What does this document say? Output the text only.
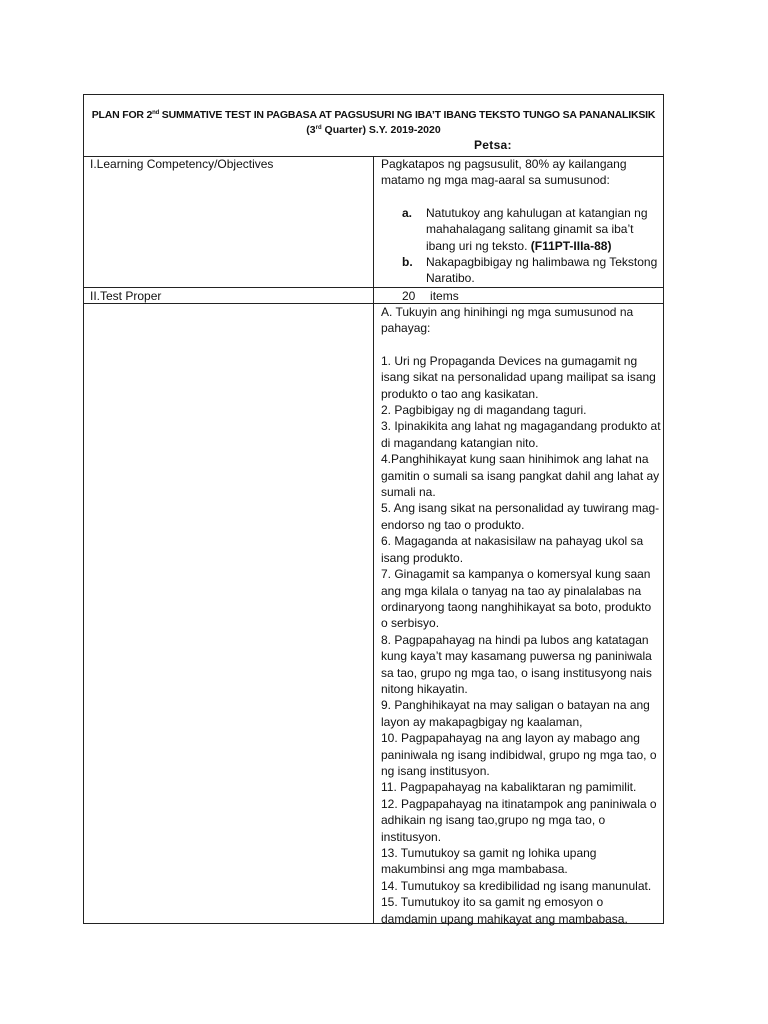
PLAN FOR 2nd SUMMATIVE TEST IN PAGBASA AT PAGSUSURI NG IBA’T IBANG TEKSTO TUNGO SA PANANALIKSIK
(3rd Quarter) S.Y. 2019-2020
Petsa:
I.Learning Competency/Objectives	Pagkatapos ng pagsusulit, 80% ay kailangang matamo ng mga mag-aaral sa sumusunod:
a. Natutukoy ang kahulugan at katangian ng mahahalagang salitang ginamit sa iba’t ibang uri ng teksto. (F11PT-IIIa-88)
b. Nakapagbibigay ng halimbawa ng Tekstong Naratibo.
II.Test Proper	20 items
A. Tukuyin ang hinihingi ng mga sumusunod na pahayag:
1. Uri ng Propaganda Devices na gumagamit ng isang sikat na personalidad upang mailipat sa isang produkto o tao ang kasikatan.
2. Pagbibigay ng di magandang taguri.
3. Ipinakikita ang lahat ng magagandang produkto at di magandang katangian nito.
4.Panghihikayat kung saan hinihimok ang lahat na gamitin o sumali sa isang pangkat dahil ang lahat ay sumali na.
5. Ang isang sikat na personalidad ay tuwirang mag-endorso ng tao o produkto.
6. Magaganda at nakasisilaw na pahayag ukol sa isang produkto.
7. Ginagamit sa kampanya o komersyal kung saan ang mga kilala o tanyag na tao ay pinalalabas na ordinaryong taong nanghihikayat sa boto, produkto o serbisyo.
8. Pagpapahayag na hindi pa lubos ang katatagan kung kaya’t may kasamang puwersa ng paniniwala sa tao, grupo ng mga tao, o isang institusyong nais nitong hikayatin.
9. Panghihikayat na may saligan o batayan na ang layon ay makapagbigay ng kaalaman,
10. Pagpapahayag na ang layon ay mabago ang paniniwala ng isang indibidwal, grupo ng mga tao, o ng isang institusyon.
11. Pagpapahayag na kabaliktaran ng pamimilit.
12. Pagpapahayag na itinatampok ang paniniwala o adhikain ng isang tao,grupo ng mga tao, o institusyon.
13. Tumutukoy sa gamit ng lohika upang makumbinsi ang mga mambabasa.
14. Tumutukoy sa kredibilidad ng isang manunulat.
15. Tumutukoy ito sa gamit ng emosyon o damdamin upang mahikayat ang mambabasa.
